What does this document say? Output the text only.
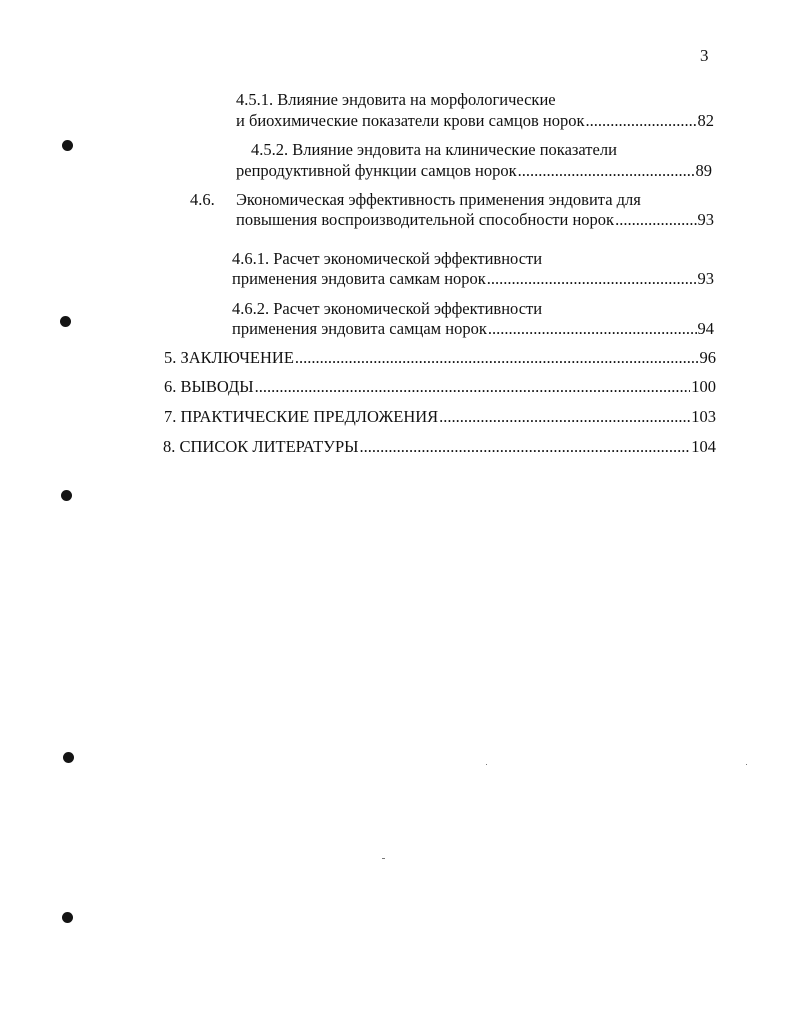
3
4.5.1. Влияние эндовита на морфологические
и биохимические показатели крови самцов норок .....	82
4.5.2. Влияние эндовита на клинические показатели
репродуктивной функции самцов норок .....	89
4.6. Экономическая эффективность применения эндовита для
повышения воспроизводительной способности норок .....	93
4.6.1. Расчет экономической эффективности
применения эндовита самкам норок .....	93
4.6.2. Расчет экономической эффективности
применения эндовита самцам норок .....	94
5. ЗАКЛЮЧЕНИЕ .....	96
6. ВЫВОДЫ .....	100
7. ПРАКТИЧЕСКИЕ ПРЕДЛОЖЕНИЯ .....	103
8. СПИСОК ЛИТЕРАТУРЫ .....	104
